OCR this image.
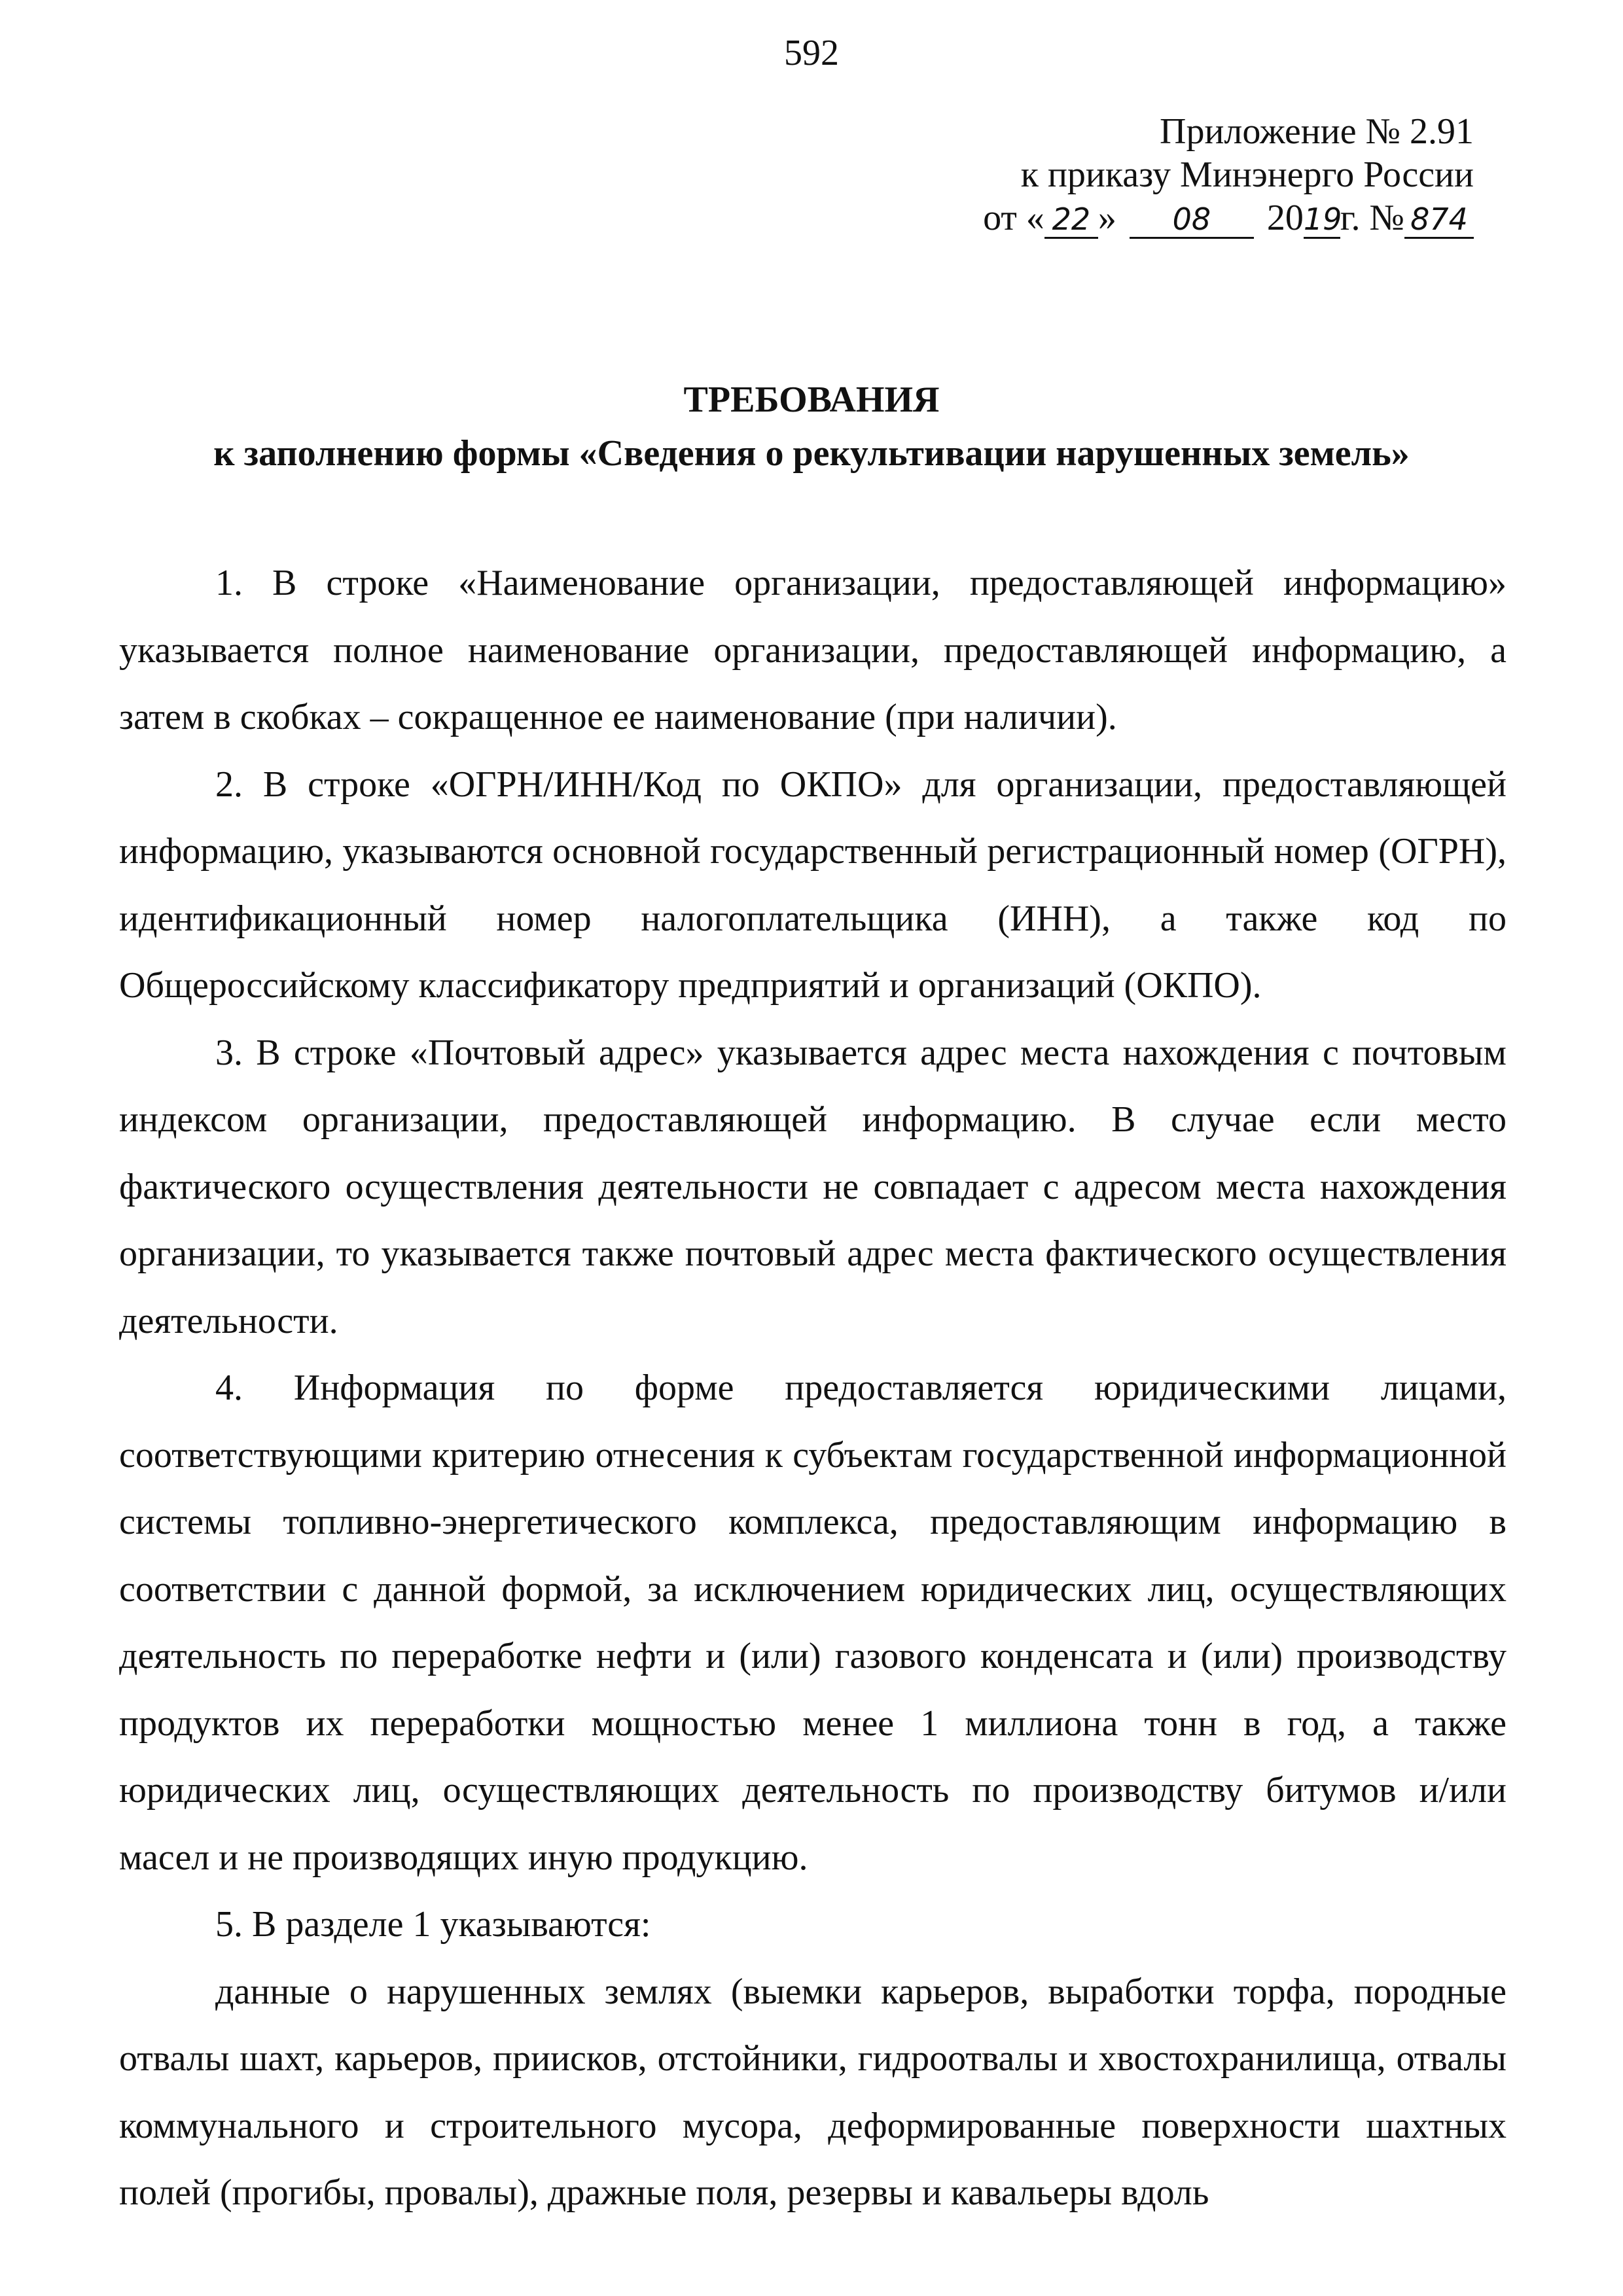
592
Приложение № 2.91
к приказу Минэнерго России
от « 22 » 08 2019г. № 874
ТРЕБОВАНИЯ
к заполнению формы «Сведения о рекультивации нарушенных земель»

1. В строке «Наименование организации, предоставляющей информацию» указывается полное наименование организации, предоставляющей информацию, а затем в скобках – сокращенное ее наименование (при наличии).

2. В строке «ОГРН/ИНН/Код по ОКПО» для организации, предоставляющей информацию, указываются основной государственный регистрационный номер (ОГРН), идентификационный номер налогоплательщика (ИНН), а также код по Общероссийскому классификатору предприятий и организаций (ОКПО).

3. В строке «Почтовый адрес» указывается адрес места нахождения с почтовым индексом организации, предоставляющей информацию. В случае если место фактического осуществления деятельности не совпадает с адресом места нахождения организации, то указывается также почтовый адрес места фактического осуществления деятельности.

4. Информация по форме предоставляется юридическими лицами, соответствующими критерию отнесения к субъектам государственной информационной системы топливно-энергетического комплекса, предоставляющим информацию в соответствии с данной формой, за исключением юридических лиц, осуществляющих деятельность по переработке нефти и (или) газового конденсата и (или) производству продуктов их переработки мощностью менее 1 миллиона тонн в год, а также юридических лиц, осуществляющих деятельность по производству битумов и/или масел и не производящих иную продукцию.

5. В разделе 1 указываются:

данные о нарушенных землях (выемки карьеров, выработки торфа, породные отвалы шахт, карьеров, приисков, отстойники, гидроотвалы и хвостохранилища, отвалы коммунального и строительного мусора, деформированные поверхности шахтных полей (прогибы, провалы), дражные поля, резервы и кавальеры вдоль
